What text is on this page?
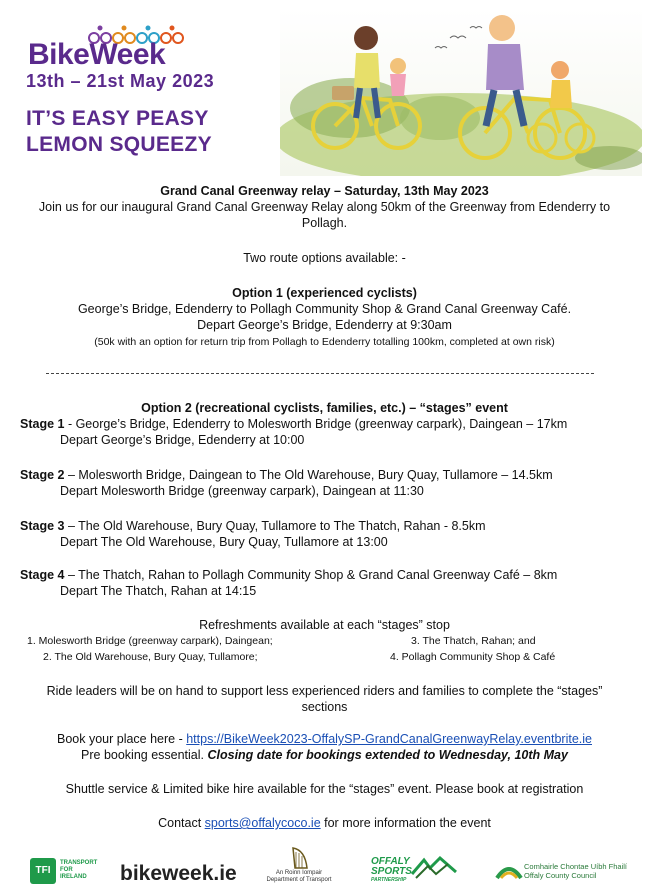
BikeWeek
13th – 21st May 2023
IT’S EASY PEASY
LEMON SQUEEZY
Grand Canal Greenway relay – Saturday, 13th May 2023
Join us for our inaugural Grand Canal Greenway Relay along 50km of the Greenway from Edenderry to
Pollagh.
Two route options available: -
Option 1 (experienced cyclists)
George’s Bridge, Edenderry to Pollagh Community Shop & Grand Canal Greenway Café.
Depart George’s Bridge, Edenderry at 9:30am
(50k with an option for return trip from Pollagh to Edenderry totalling 100km, completed at own risk)
Option 2 (recreational cyclists, families, etc.) – “stages” event
Stage 1 - George’s Bridge, Edenderry to Molesworth Bridge (greenway carpark), Daingean – 17km
Depart George’s Bridge, Edenderry at 10:00
Stage 2 – Molesworth Bridge, Daingean to The Old Warehouse, Bury Quay, Tullamore – 14.5km
Depart Molesworth Bridge (greenway carpark), Daingean at 11:30
Stage 3 – The Old Warehouse, Bury Quay, Tullamore to The Thatch, Rahan - 8.5km
Depart The Old Warehouse, Bury Quay, Tullamore at 13:00
Stage 4 – The Thatch, Rahan to Pollagh Community Shop & Grand Canal Greenway Café – 8km
Depart The Thatch, Rahan at 14:15
Refreshments available at each “stages” stop
1. Molesworth Bridge (greenway carpark), Daingean;
2. The Old Warehouse, Bury Quay, Tullamore;
3. The Thatch, Rahan; and
4. Pollagh Community Shop & Café
Ride leaders will be on hand to support less experienced riders and families to complete the “stages”
sections
Book your place here - https://BikeWeek2023-OffalySP-GrandCanalGreenwayRelay.eventbrite.ie
Pre booking essential. Closing date for bookings extended to Wednesday, 10th May
Shuttle service & Limited bike hire available for the “stages” event. Please book at registration
Contact sports@offalycoco.ie for more information the event
TFI
TRANSPORT
FOR
IRELAND	bikeweek.ie	An Roinn Iompair
Department of Transport
OFFALY
SPORTS
PARTNERSHIP
Comhairle Chontae Uíbh Fhailí
Offaly County Council
